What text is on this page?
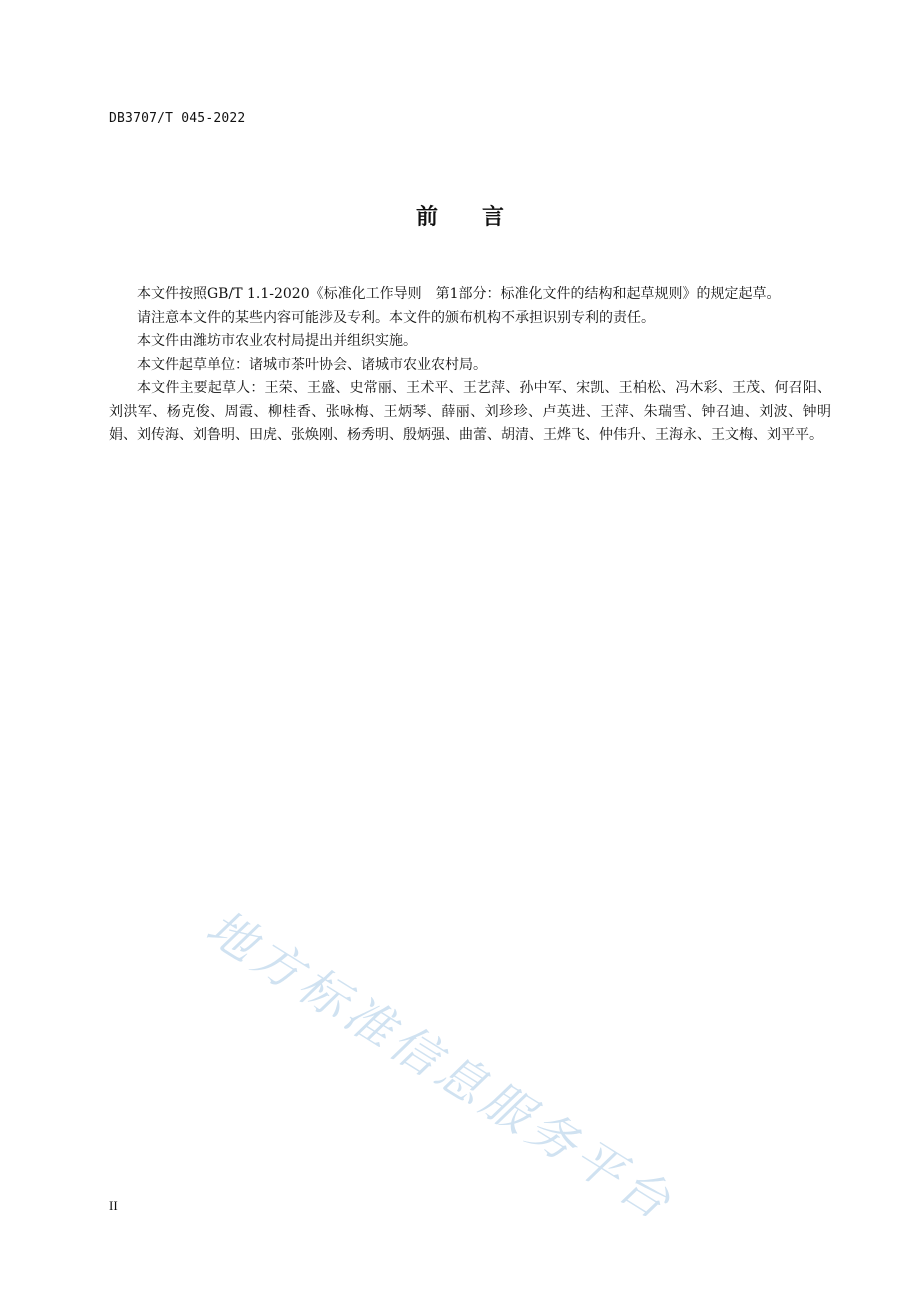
DB3707/T 045-2022
前言

本文件按照GB/T 1.1-2020《标准化工作导则　第1部分：标准化文件的结构和起草规则》的规定起草。

请注意本文件的某些内容可能涉及专利。本文件的颁布机构不承担识别专利的责任。

本文件由潍坊市农业农村局提出并组织实施。

本文件起草单位：诸城市茶叶协会、诸城市农业农村局。

本文件主要起草人：王荣、王盛、史常丽、王术平、王艺萍、孙中军、宋凯、王柏松、冯木彩、王茂、何召阳、刘洪军、杨克俊、周霞、柳桂香、张咏梅、王炳琴、薛丽、刘珍珍、卢英进、王萍、朱瑞雪、钟召迪、刘波、钟明娟、刘传海、刘鲁明、田虎、张焕刚、杨秀明、殷炳强、曲蕾、胡清、王烨飞、仲伟升、王海永、王文梅、刘平平。

地方标准信息服务平台
II
